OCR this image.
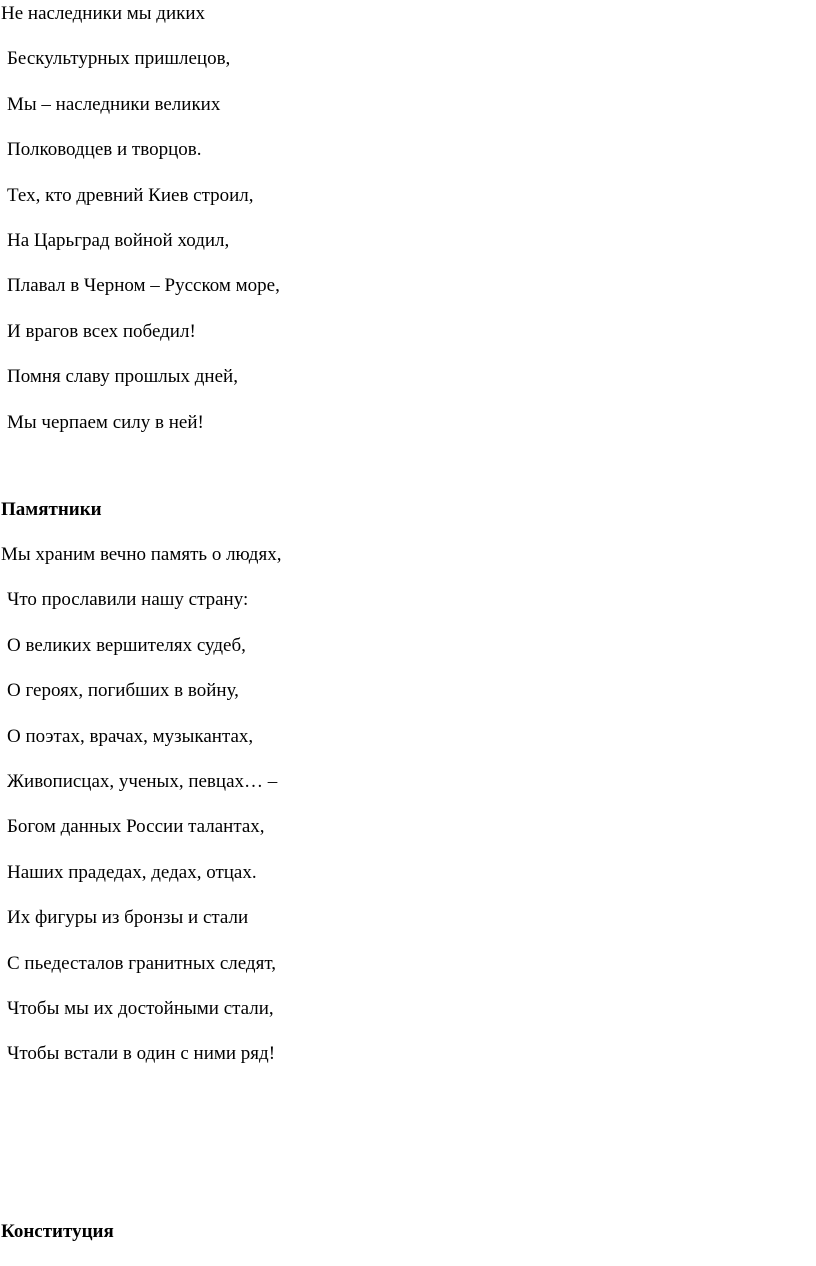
Не наследники мы диких
Бескультурных пришлецов,
Мы – наследники великих
Полководцев и творцов.
Тех, кто древний Киев строил,
На Царьград войной ходил,
Плавал в Черном – Русском море,
И врагов всех победил!
Помня славу прошлых дней,
Мы черпаем силу в ней!
Памятники
Мы храним вечно память о людях,
Что прославили нашу страну:
О великих вершителях судеб,
О героях, погибших в войну,
О поэтах, врачах, музыкантах,
Живописцах, ученых, певцах… –
Богом данных России талантах,
Наших прадедах, дедах, отцах.
Их фигуры из бронзы и стали
С пьедесталов гранитных следят,
Чтобы мы их достойными стали,
Чтобы встали в один с ними ряд!
Конституция
